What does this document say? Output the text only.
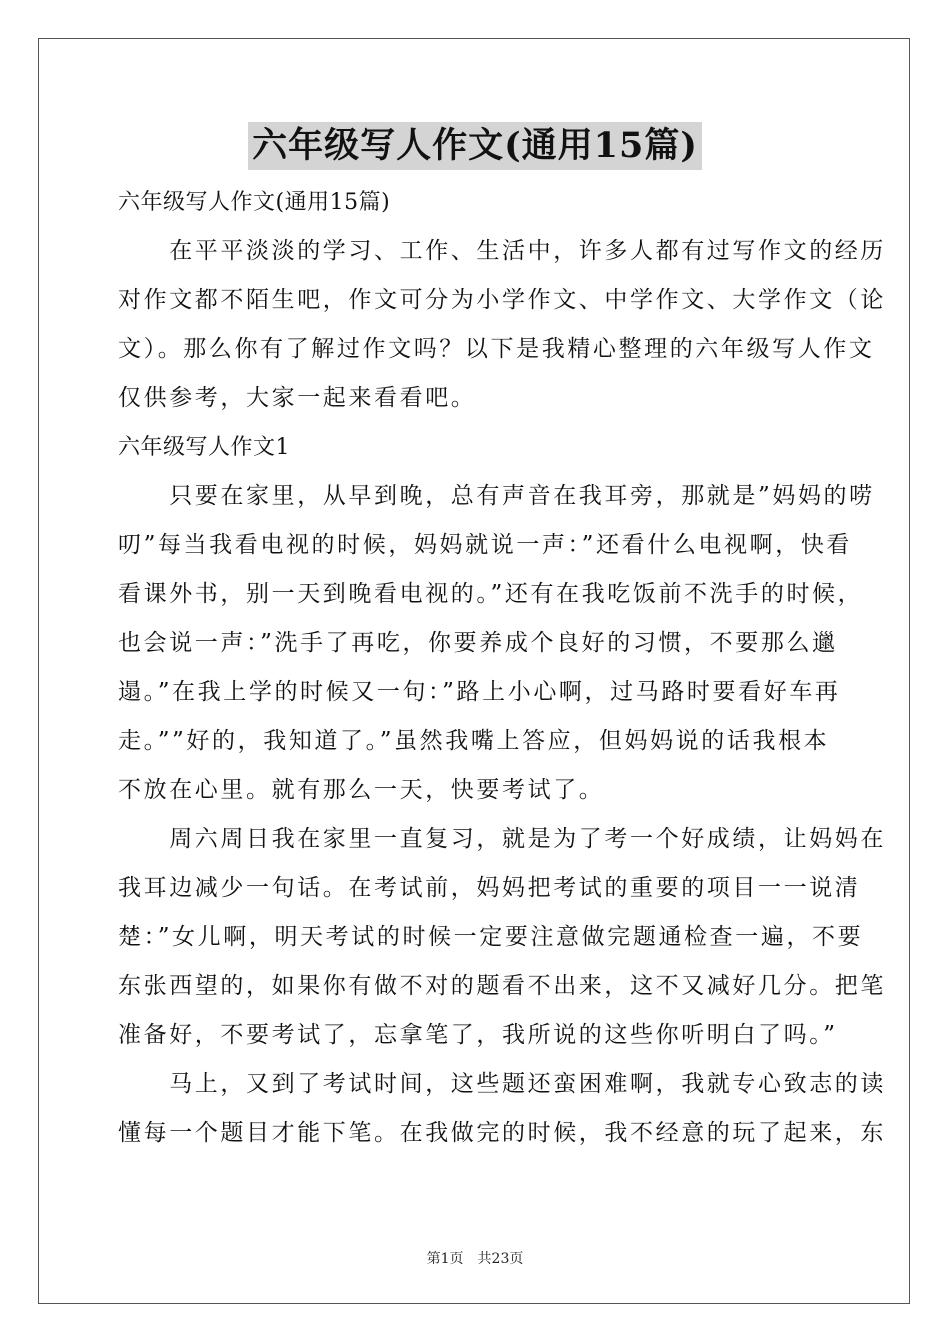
六年级写人作文(通用15篇)
六年级写人作文(通用15篇)
　　在平平淡淡的学习、工作、生活中，许多人都有过写作文的经历
对作文都不陌生吧，作文可分为小学作文、中学作文、大学作文（论
文）。那么你有了解过作文吗？以下是我精心整理的六年级写人作文
仅供参考，大家一起来看看吧。
六年级写人作文1
　　只要在家里，从早到晚，总有声音在我耳旁，那就是”妈妈的唠
叨”每当我看电视的时候，妈妈就说一声：”还看什么电视啊，快看
看课外书，别一天到晚看电视的。”还有在我吃饭前不洗手的时候，
也会说一声：”洗手了再吃，你要养成个良好的习惯，不要那么邋
遢。”在我上学的时候又一句：”路上小心啊，过马路时要看好车再
走。””好的，我知道了。”虽然我嘴上答应，但妈妈说的话我根本
不放在心里。就有那么一天，快要考试了。
　　周六周日我在家里一直复习，就是为了考一个好成绩，让妈妈在
我耳边减少一句话。在考试前，妈妈把考试的重要的项目一一说清
楚：”女儿啊，明天考试的时候一定要注意做完题通检查一遍，不要
东张西望的，如果你有做不对的题看不出来，这不又减好几分。把笔
准备好，不要考试了，忘拿笔了，我所说的这些你听明白了吗。”
　　马上，又到了考试时间，这些题还蛮困难啊，我就专心致志的读
懂每一个题目才能下笔。在我做完的时候，我不经意的玩了起来，东
第1页　共23页
